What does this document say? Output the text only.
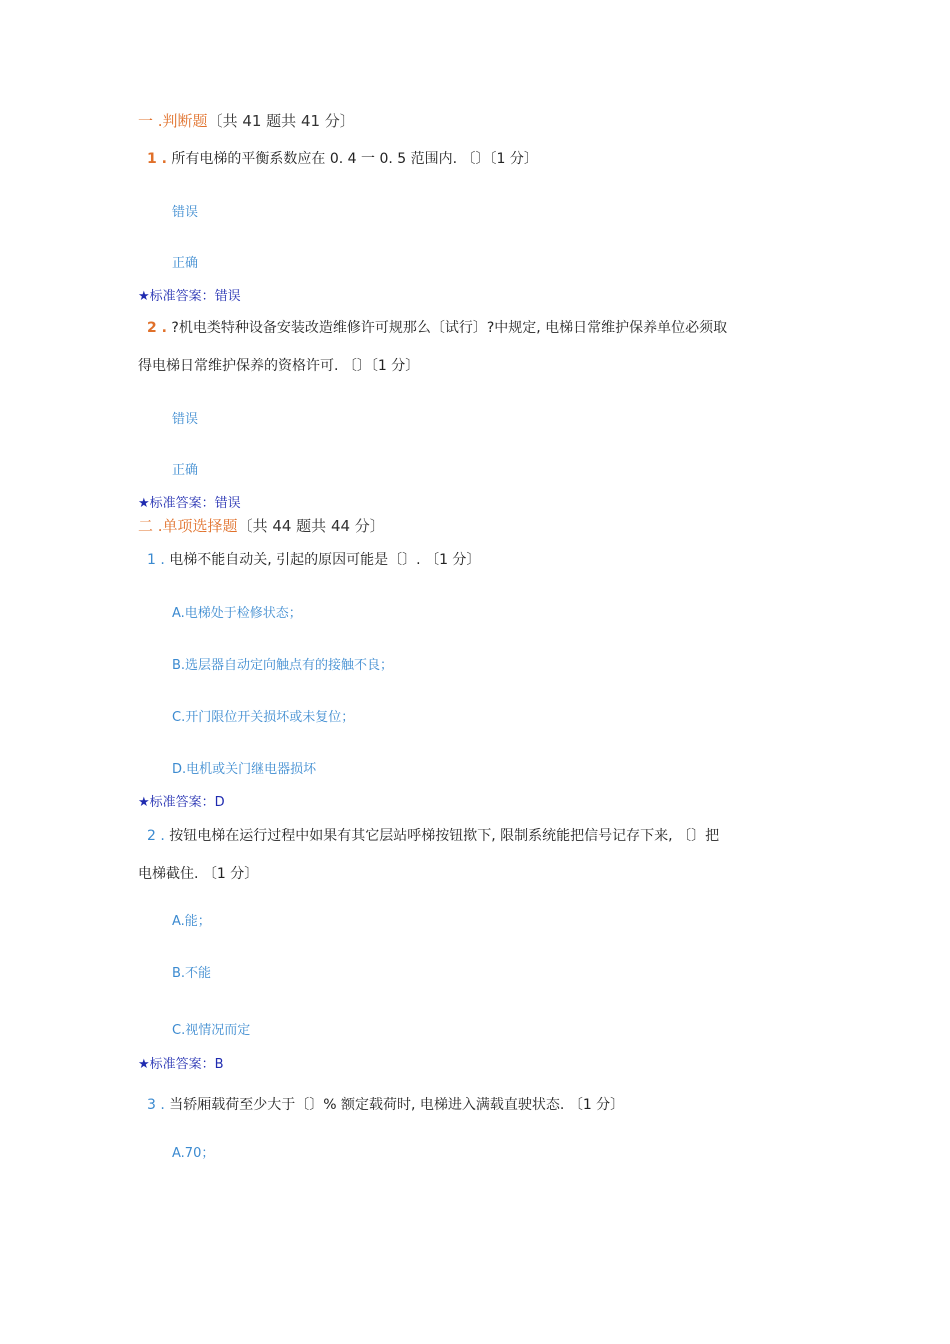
一 .判断题〔共 41 题共 41 分〕
1 . 所有电梯的平衡系数应在 0. 4 一 0. 5 范围内. 〔〕〔1 分〕
错误
正确
★标准答案：错误
2 . ?机电类特种设备安装改造维修许可规那么〔试行〕?中规定, 电梯日常维护保养单位必须取
得电梯日常维护保养的资格许可. 〔〕〔1 分〕
错误
正确
★标准答案：错误
二 .单项选择题〔共 44 题共 44 分〕
1 . 电梯不能自动关, 引起的原因可能是〔〕. 〔1 分〕
A.电梯处于检修状态；
B.选层器自动定向触点有的接触不良；
C.开门限位开关损坏或未复位；
D.电机或关门继电器损坏
★标准答案：D
2 . 按钮电梯在运行过程中如果有其它层站呼梯按钮揿下, 限制系统能把信号记存下来, 〔〕把
电梯截住. 〔1 分〕
A.能；
B.不能
C.视情况而定
★标准答案：B
3 . 当轿厢载荷至少大于〔〕% 额定载荷时, 电梯进入满载直驶状态. 〔1 分〕
A.70；
